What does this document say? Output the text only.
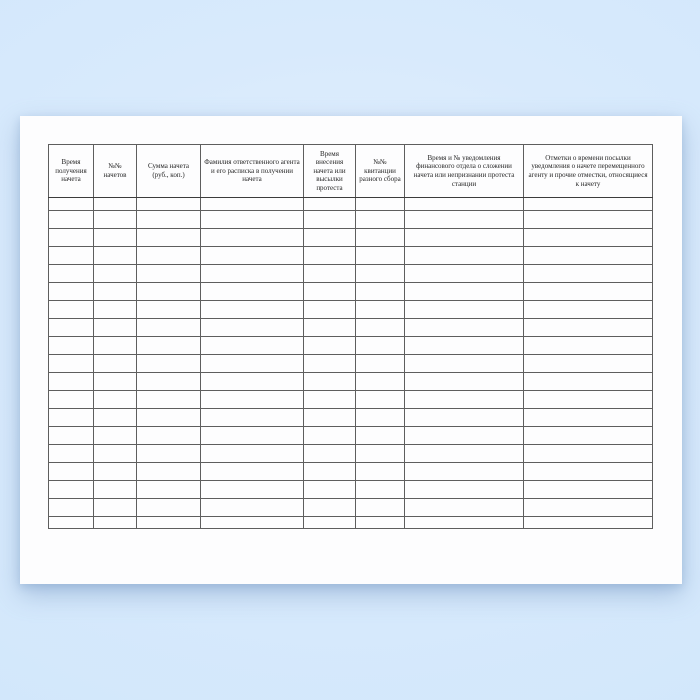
Время получения начета	№№ начетов	Сумма начета (руб., коп.)	Фамилия ответственного агента и его расписка в получении начета	Время внесения начета или высылки протеста	№№ квитанции разного сбора	Время и № уведомления финансового отдела о сложении начета или непризнании протеста станции	Отметки о времени посылки уведомления о начете перемещенного агенту и прочие отместки, относящиеся к начету
